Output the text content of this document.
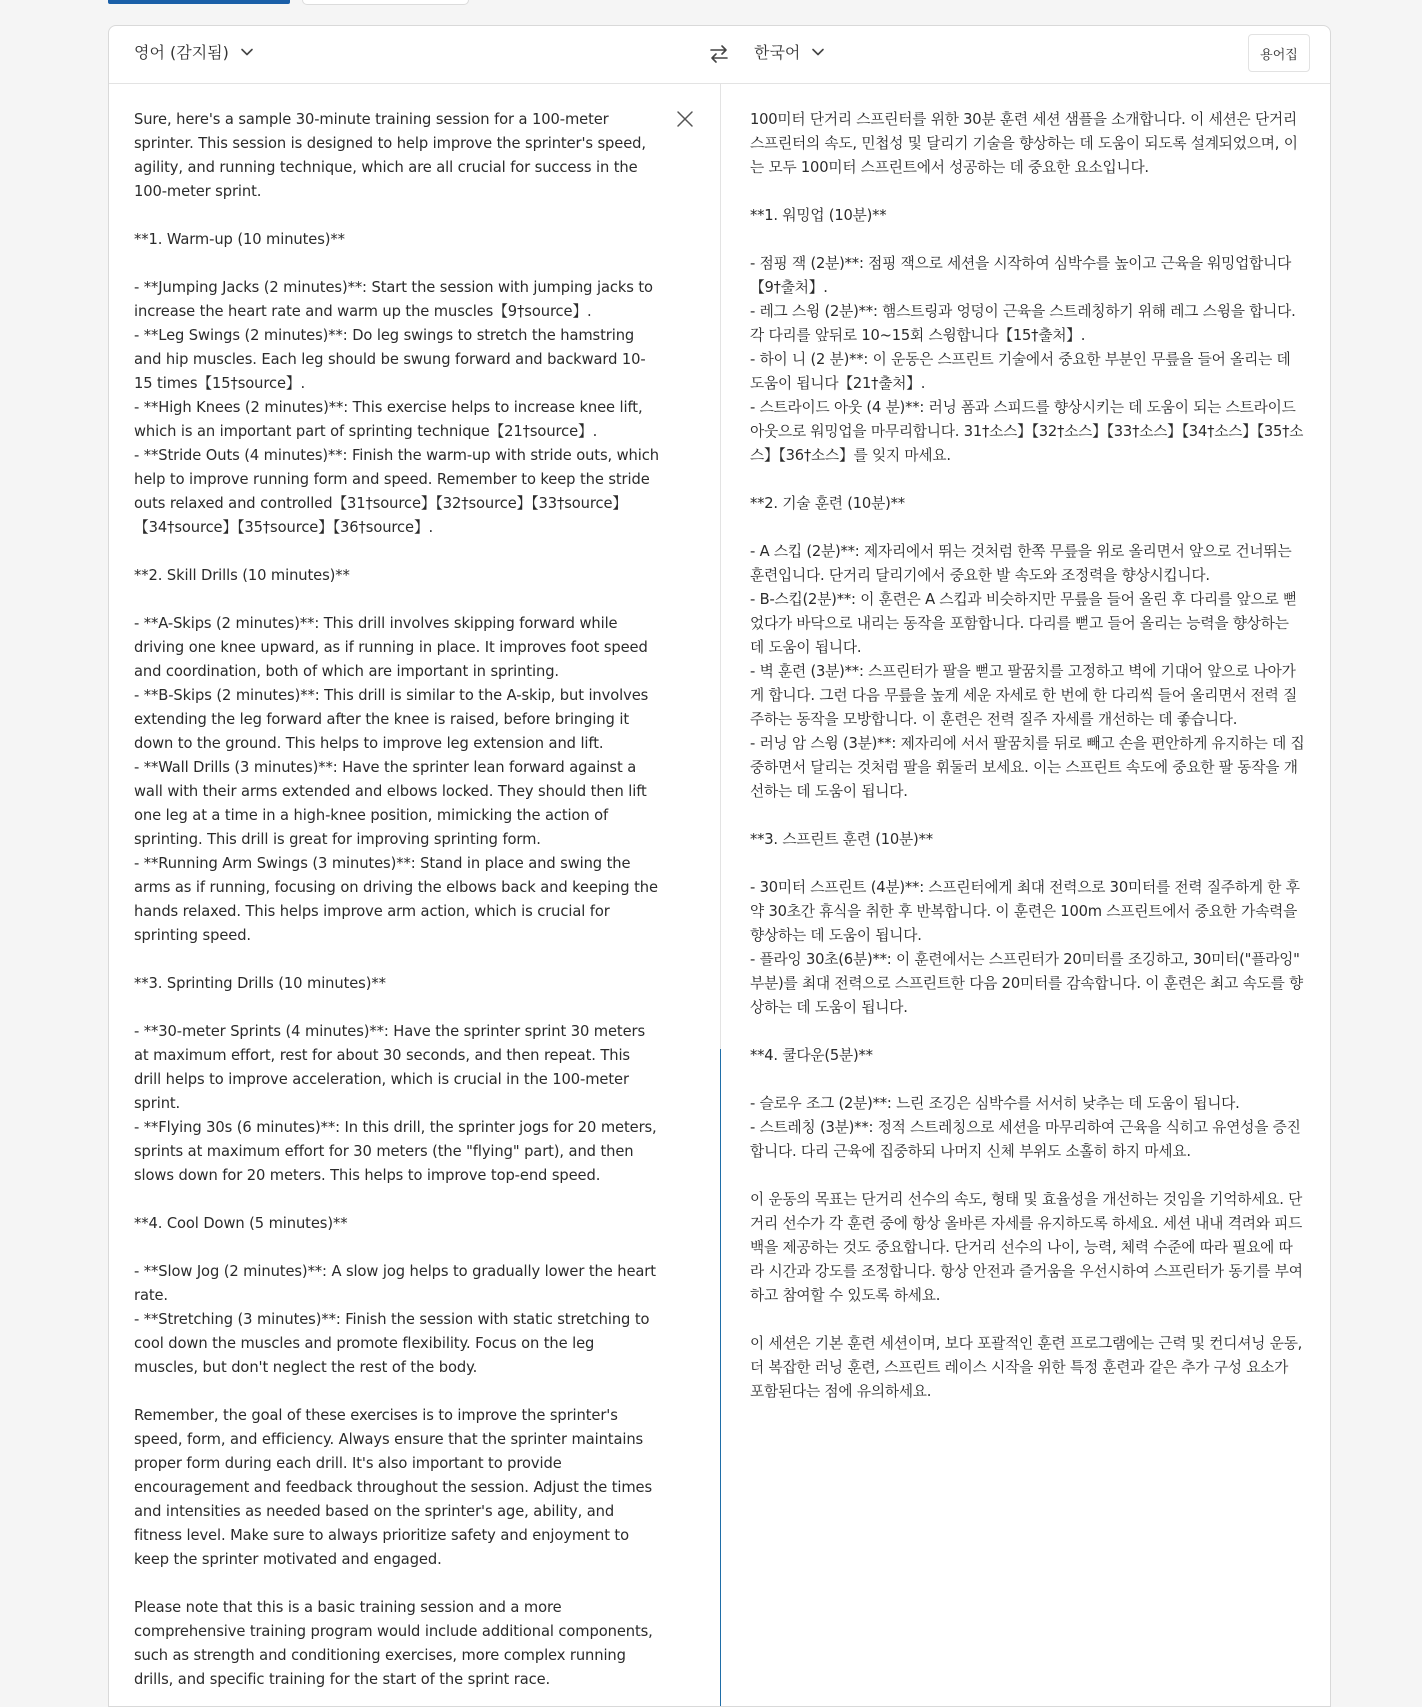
영어 (감지됨)	한국어	용어집
Sure, here's a sample 30-minute training session for a 100-meter sprinter. This session is designed to help improve the sprinter's speed, agility, and running technique, which are all crucial for success in the 100-meter sprint.

**1. Warm-up (10 minutes)**

- **Jumping Jacks (2 minutes)**: Start the session with jumping jacks to increase the heart rate and warm up the muscles【9†source】.
- **Leg Swings (2 minutes)**: Do leg swings to stretch the hamstring and hip muscles. Each leg should be swung forward and backward 10-15 times【15†source】.
- **High Knees (2 minutes)**: This exercise helps to increase knee lift, which is an important part of sprinting technique【21†source】.
- **Stride Outs (4 minutes)**: Finish the warm-up with stride outs, which help to improve running form and speed. Remember to keep the stride outs relaxed and controlled【31†source】【32†source】【33†source】【34†source】【35†source】【36†source】.

**2. Skill Drills (10 minutes)**

- **A-Skips (2 minutes)**: This drill involves skipping forward while driving one knee upward, as if running in place. It improves foot speed and coordination, both of which are important in sprinting.
- **B-Skips (2 minutes)**: This drill is similar to the A-skip, but involves extending the leg forward after the knee is raised, before bringing it down to the ground. This helps to improve leg extension and lift.
- **Wall Drills (3 minutes)**: Have the sprinter lean forward against a wall with their arms extended and elbows locked. They should then lift one leg at a time in a high-knee position, mimicking the action of sprinting. This drill is great for improving sprinting form.
- **Running Arm Swings (3 minutes)**: Stand in place and swing the arms as if running, focusing on driving the elbows back and keeping the hands relaxed. This helps improve arm action, which is crucial for sprinting speed.

**3. Sprinting Drills (10 minutes)**

- **30-meter Sprints (4 minutes)**: Have the sprinter sprint 30 meters at maximum effort, rest for about 30 seconds, and then repeat. This drill helps to improve acceleration, which is crucial in the 100-meter sprint.
- **Flying 30s (6 minutes)**: In this drill, the sprinter jogs for 20 meters, sprints at maximum effort for 30 meters (the "flying" part), and then slows down for 20 meters. This helps to improve top-end speed.

**4. Cool Down (5 minutes)**

- **Slow Jog (2 minutes)**: A slow jog helps to gradually lower the heart rate.
- **Stretching (3 minutes)**: Finish the session with static stretching to cool down the muscles and promote flexibility. Focus on the leg muscles, but don't neglect the rest of the body.

Remember, the goal of these exercises is to improve the sprinter's speed, form, and efficiency. Always ensure that the sprinter maintains proper form during each drill. It's also important to provide encouragement and feedback throughout the session. Adjust the times and intensities as needed based on the sprinter's age, ability, and fitness level. Make sure to always prioritize safety and enjoyment to keep the sprinter motivated and engaged.

Please note that this is a basic training session and a more comprehensive training program would include additional components, such as strength and conditioning exercises, more complex running drills, and specific training for the start of the sprint race.
100미터 단거리 스프린터를 위한 30분 훈련 세션 샘플을 소개합니다. 이 세션은 단거리 스프린터의 속도, 민첩성 및 달리기 기술을 향상하는 데 도움이 되도록 설계되었으며, 이는 모두 100미터 스프린트에서 성공하는 데 중요한 요소입니다.

**1. 워밍업 (10분)**

- 점핑 잭 (2분)**: 점핑 잭으로 세션을 시작하여 심박수를 높이고 근육을 워밍업합니다【9†출처】.
- 레그 스윙 (2분)**: 햄스트링과 엉덩이 근육을 스트레칭하기 위해 레그 스윙을 합니다. 각 다리를 앞뒤로 10~15회 스윙합니다【15†출처】.
- 하이 니 (2 분)**: 이 운동은 스프린트 기술에서 중요한 부분인 무릎을 들어 올리는 데 도움이 됩니다【21†출처】.
- 스트라이드 아웃 (4 분)**: 러닝 폼과 스피드를 향상시키는 데 도움이 되는 스트라이드 아웃으로 워밍업을 마무리합니다. 31†소스】【32†소스】【33†소스】【34†소스】【35†소스】【36†소스】를 잊지 마세요.

**2. 기술 훈련 (10분)**

- A 스킵 (2분)**: 제자리에서 뛰는 것처럼 한쪽 무릎을 위로 올리면서 앞으로 건너뛰는 훈련입니다. 단거리 달리기에서 중요한 발 속도와 조정력을 향상시킵니다.
- B-스킵(2분)**: 이 훈련은 A 스킵과 비슷하지만 무릎을 들어 올린 후 다리를 앞으로 뻗었다가 바닥으로 내리는 동작을 포함합니다. 다리를 뻗고 들어 올리는 능력을 향상하는 데 도움이 됩니다.
- 벽 훈련 (3분)**: 스프린터가 팔을 뻗고 팔꿈치를 고정하고 벽에 기대어 앞으로 나아가게 합니다. 그런 다음 무릎을 높게 세운 자세로 한 번에 한 다리씩 들어 올리면서 전력 질주하는 동작을 모방합니다. 이 훈련은 전력 질주 자세를 개선하는 데 좋습니다.
- 러닝 암 스윙 (3분)**: 제자리에 서서 팔꿈치를 뒤로 빼고 손을 편안하게 유지하는 데 집중하면서 달리는 것처럼 팔을 휘둘러 보세요. 이는 스프린트 속도에 중요한 팔 동작을 개선하는 데 도움이 됩니다.

**3. 스프린트 훈련 (10분)**

- 30미터 스프린트 (4분)**: 스프린터에게 최대 전력으로 30미터를 전력 질주하게 한 후 약 30초간 휴식을 취한 후 반복합니다. 이 훈련은 100m 스프린트에서 중요한 가속력을 향상하는 데 도움이 됩니다.
- 플라잉 30초(6분)**: 이 훈련에서는 스프린터가 20미터를 조깅하고, 30미터("플라잉" 부분)를 최대 전력으로 스프린트한 다음 20미터를 감속합니다. 이 훈련은 최고 속도를 향상하는 데 도움이 됩니다.

**4. 쿨다운(5분)**

- 슬로우 조그 (2분)**: 느린 조깅은 심박수를 서서히 낮추는 데 도움이 됩니다.
- 스트레칭 (3분)**: 정적 스트레칭으로 세션을 마무리하여 근육을 식히고 유연성을 증진합니다. 다리 근육에 집중하되 나머지 신체 부위도 소홀히 하지 마세요.

이 운동의 목표는 단거리 선수의 속도, 형태 및 효율성을 개선하는 것임을 기억하세요. 단거리 선수가 각 훈련 중에 항상 올바른 자세를 유지하도록 하세요. 세션 내내 격려와 피드백을 제공하는 것도 중요합니다. 단거리 선수의 나이, 능력, 체력 수준에 따라 필요에 따라 시간과 강도를 조정합니다. 항상 안전과 즐거움을 우선시하여 스프린터가 동기를 부여하고 참여할 수 있도록 하세요.

이 세션은 기본 훈련 세션이며, 보다 포괄적인 훈련 프로그램에는 근력 및 컨디셔닝 운동, 더 복잡한 러닝 훈련, 스프린트 레이스 시작을 위한 특정 훈련과 같은 추가 구성 요소가 포함된다는 점에 유의하세요.
